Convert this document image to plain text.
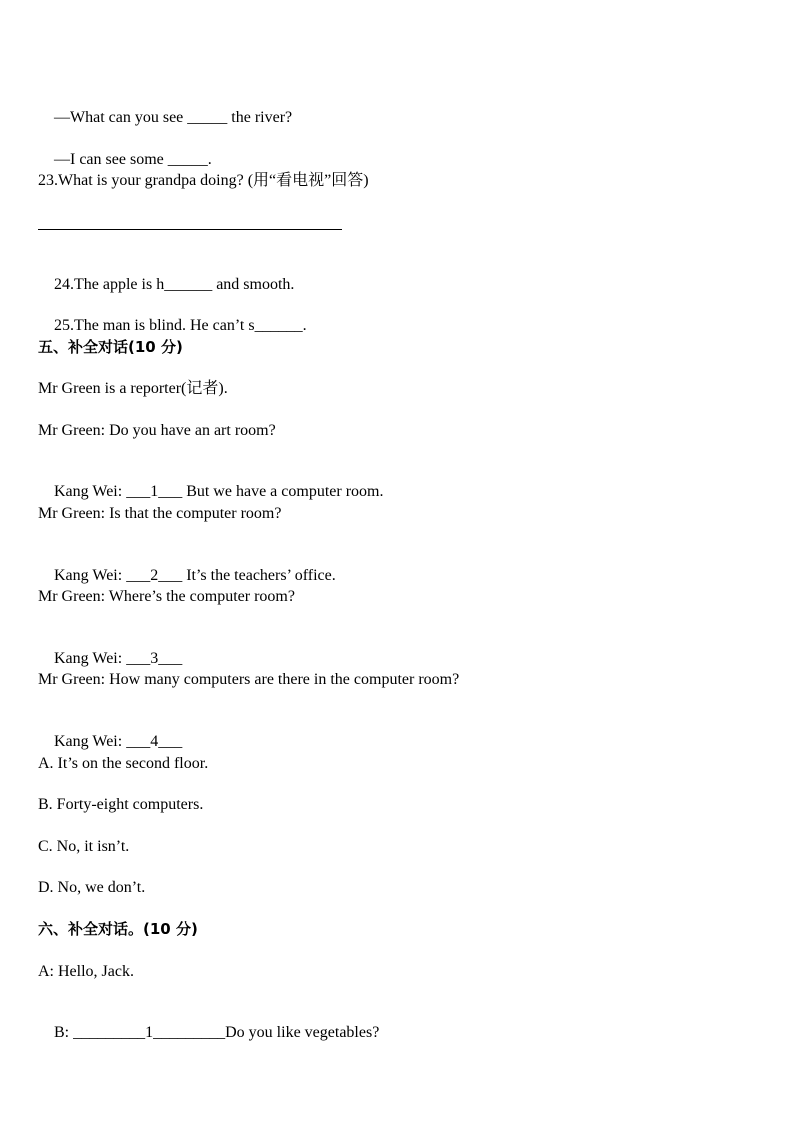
—What can you see _____ the river?

—I can see some _____.

23.What is your grandpa doing? (用“看电视”回答)

24.The apple is h______ and smooth.

25.The man is blind. He can’t s______.

五、补全对话(10 分)
Mr Green is a reporter(记者).
Mr Green: Do you have an art room?

Kang Wei: ___1___ But we have a computer room.

Mr Green: Is that the computer room?

Kang Wei: ___2___ It’s the teachers’ office.

Mr Green: Where’s the computer room?

Kang Wei: ___3___

Mr Green: How many computers are there in the computer room?

Kang Wei: ___4___

A. It’s on the second floor.
B. Forty-eight computers.
C. No, it isn’t.
D. No, we don’t.
六、补全对话。(10 分)
A: Hello, Jack.

B: _________1_________Do you like vegetables?
